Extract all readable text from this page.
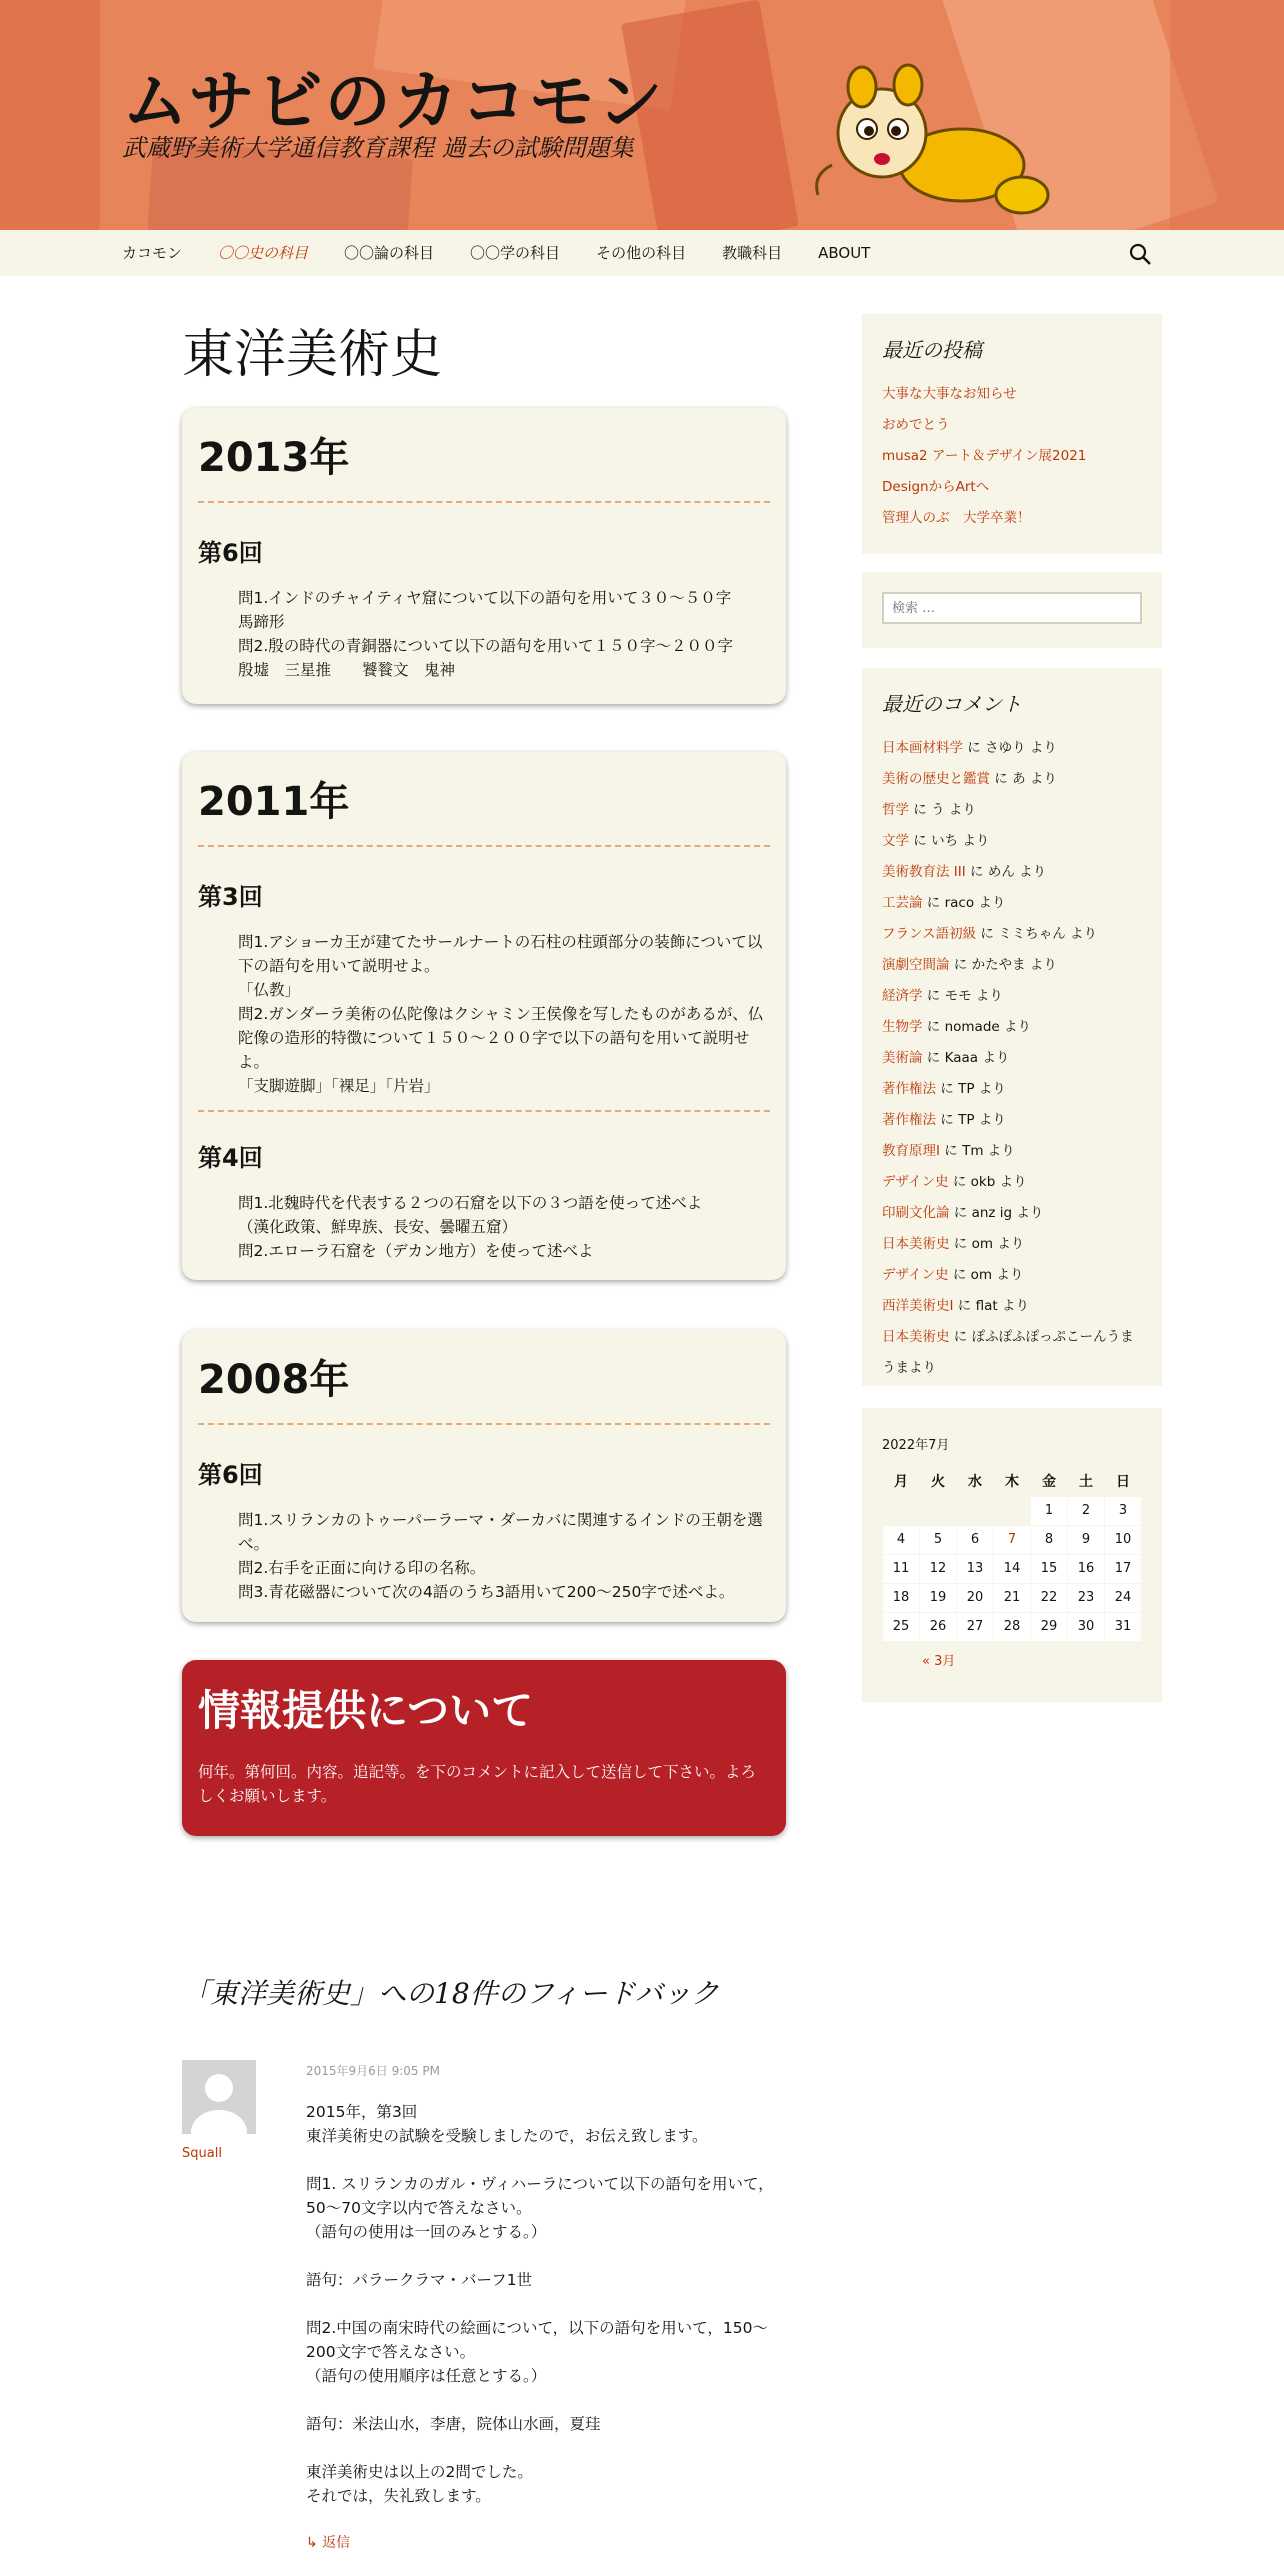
ムサビのカコモン
武蔵野美術大学通信教育課程 過去の試験問題集
カコモン	〇〇史の科目	〇〇論の科目	〇〇学の科目	その他の科目	教職科目	ABOUT
東洋美術史
2013年
第6回
問1.インドのチャイティヤ窟について以下の語句を用いて３０～５０字
馬蹄形
問2.殷の時代の青銅器について以下の語句を用いて１５０字～２００字
殷墟　三星推　　饕餮文　鬼神
2011年
第3回
問1.アショーカ王が建てたサールナートの石柱の柱頭部分の装飾について以下の語句を用いて説明せよ。
「仏教」
問2.ガンダーラ美術の仏陀像はクシャミン王侯像を写したものがあるが、仏陀像の造形的特徴について１５０～２００字で以下の語句を用いて説明せよ。
「支脚遊脚」「裸足」「片岩」
第4回
問1.北魏時代を代表する２つの石窟を以下の３つ語を使って述べよ
（漢化政策、鮮卑族、長安、曇曜五窟）
問2.エローラ石窟を（デカン地方）を使って述べよ
2008年
第6回
問1.スリランカのトゥーパーラーマ・ダーカバに関連するインドの王朝を選べ。
問2.右手を正面に向ける印の名称。
問3.青花磁器について次の4語のうち3語用いて200～250字で述べよ。
情報提供について
何年。第何回。内容。追記等。を下のコメントに記入して送信して下さい。よろしくお願いします。
「東洋美術史」への18件のフィードバック
Squall
2015年9月6日 9:05 PM
2015年，第3回
東洋美術史の試験を受験しましたので，お伝え致します。
問1. スリランカのガル・ヴィハーラについて以下の語句を用いて，50〜70文字以内で答えなさい。
（語句の使用は一回のみとする。）
語句：パラークラマ・バーフ1世
問2.中国の南宋時代の絵画について，以下の語句を用いて，150〜200文字で答えなさい。
（語句の使用順序は任意とする。）
語句：米法山水，李唐，院体山水画，夏珪
東洋美術史は以上の2問でした。
それでは，失礼致します。
↳ 返信
最近の投稿
大事な大事なお知らせ
おめでとう
musa2 アート＆デザイン展2021
DesignからArtへ
管理人のぶ　大学卒業！
検索 …
最近のコメント
日本画材料学 に さゆり より
美術の歴史と鑑賞 に あ より
哲学 に う より
文学 に いち より
美術教育法 III に めん より
工芸論 に raco より
フランス語初級 に ミミちゃん より
演劇空間論 に かたやま より
経済学 に モモ より
生物学 に nomade より
美術論 に Kaaa より
著作権法 に TP より
著作権法 に TP より
教育原理Ⅰ に Tm より
デザイン史 に okb より
印刷文化論 に anz ig より
日本美術史 に om より
デザイン史 に om より
西洋美術史Ⅰ に flat より
日本美術史 に ぽふぽふぽっぷこーんうまうまより
2022年7月
月	火	水	木	金	土	日
				1	2	3
4	5	6	7	8	9	10
11	12	13	14	15	16	17
18	19	20	21	22	23	24
25	26	27	28	29	30	31
« 3月
